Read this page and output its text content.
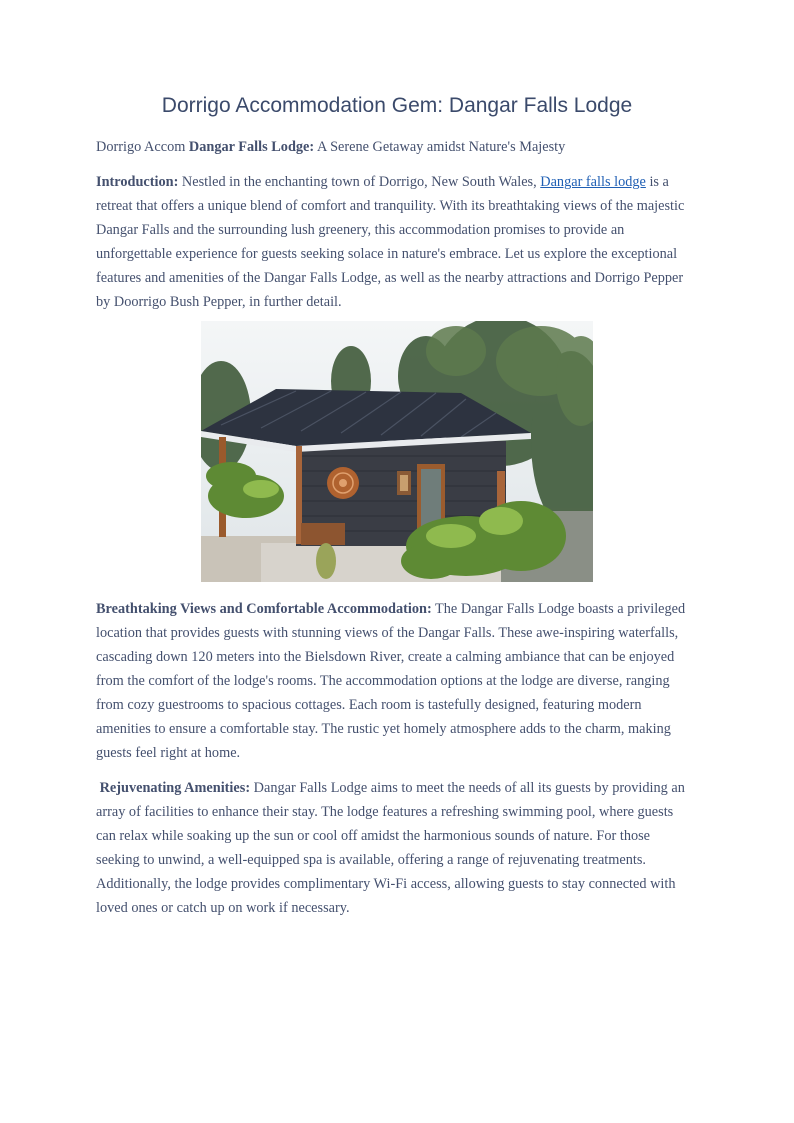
Dorrigo Accommodation Gem: Dangar Falls Lodge

Dorrigo Accom Dangar Falls Lodge: A Serene Getaway amidst Nature's Majesty

Introduction: Nestled in the enchanting town of Dorrigo, New South Wales, Dangar falls lodge is a retreat that offers a unique blend of comfort and tranquility. With its breathtaking views of the majestic Dangar Falls and the surrounding lush greenery, this accommodation promises to provide an unforgettable experience for guests seeking solace in nature's embrace. Let us explore the exceptional features and amenities of the Dangar Falls Lodge, as well as the nearby attractions and Dorrigo Pepper by Doorrigo Bush Pepper, in further detail.

Breathtaking Views and Comfortable Accommodation: The Dangar Falls Lodge boasts a privileged location that provides guests with stunning views of the Dangar Falls. These awe-inspiring waterfalls, cascading down 120 meters into the Bielsdown River, create a calming ambiance that can be enjoyed from the comfort of the lodge's rooms. The accommodation options at the lodge are diverse, ranging from cozy guestrooms to spacious cottages. Each room is tastefully designed, featuring modern amenities to ensure a comfortable stay. The rustic yet homely atmosphere adds to the charm, making guests feel right at home.

Rejuvenating Amenities: Dangar Falls Lodge aims to meet the needs of all its guests by providing an array of facilities to enhance their stay. The lodge features a refreshing swimming pool, where guests can relax while soaking up the sun or cool off amidst the harmonious sounds of nature. For those seeking to unwind, a well-equipped spa is available, offering a range of rejuvenating treatments. Additionally, the lodge provides complimentary Wi-Fi access, allowing guests to stay connected with loved ones or catch up on work if necessary.
